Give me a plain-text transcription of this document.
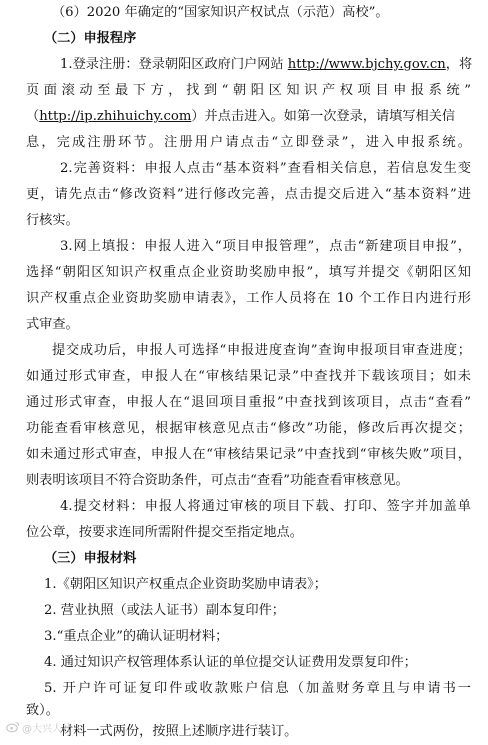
（6）2020 年确定的“国家知识产权试点（示范）高校”。
（二）申报程序
1.登录注册：登录朝阳区政府门户网站 http://www.bjchy.gov.cn，将
页面滚动至最下方，找到“朝阳区知识产权项目申报系统”
（http://ip.zhihuichy.com）并点击进入。如第一次登录，请填写相关信
息，完成注册环节。注册用户请点击“立即登录”，进入申报系统。
2.完善资料：申报人点击“基本资料”查看相关信息，若信息发生变
更，请先点击“修改资料”进行修改完善，点击提交后进入“基本资料”进
行核实。
3.网上填报：申报人进入“项目申报管理”，点击“新建项目申报”，
选择“朝阳区知识产权重点企业资助奖励申报”，填写并提交《朝阳区知
识产权重点企业资助奖励申请表》，工作人员将在 10 个工作日内进行形
式审查。
提交成功后，申报人可选择“申报进度查询”查询申报项目审查进度；
如通过形式审查，申报人在“审核结果记录”中查找并下载该项目；如未
通过形式审查，申报人在“退回项目重报”中查找到该项目，点击“查看”
功能查看审核意见，根据审核意见点击“修改”功能，修改后再次提交；
如未通过形式审查，申报人在“审核结果记录”中查找到“审核失败”项目，
则表明该项目不符合资助条件，可点击“查看”功能查看审核意见。
4.提交材料：申报人将通过审核的项目下载、打印、签字并加盖单
位公章，按要求连同所需附件提交至指定地点。
（三）申报材料
1.《朝阳区知识产权重点企业资助奖励申请表》；
2. 营业执照（或法人证书）副本复印件；
3.“重点企业”的确认证明材料；
4. 通过知识产权管理体系认证的单位提交认证费用发票复印件；
5. 开户许可证复印件或收款账户信息（加盖财务章且与申请书一
致）。
材料一式两份，按照上述顺序进行装订。
@大兴人社
